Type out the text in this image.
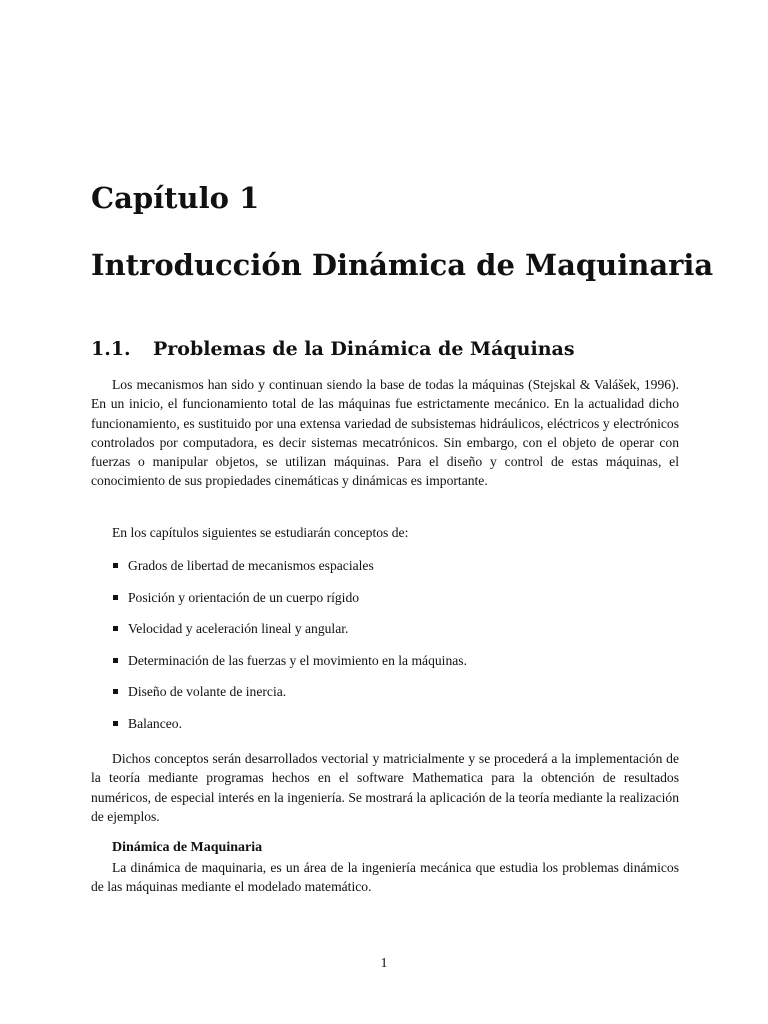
Capítulo 1
Introducción Dinámica de Maquinaria
1.1. Problemas de la Dinámica de Máquinas

Los mecanismos han sido y continuan siendo la base de todas la máquinas (Stejskal & Valášek, 1996). En un inicio, el funcionamiento total de las máquinas fue estrictamente mecánico. En la actualidad dicho funcionamiento, es sustituido por una extensa variedad de subsistemas hidráulicos, eléctricos y electrónicos controlados por computadora, es decir sistemas mecatrónicos. Sin embargo, con el objeto de operar con fuerzas o manipular objetos, se utilizan máquinas. Para el diseño y control de estas máquinas, el conocimiento de sus propiedades cinemáticas y dinámicas es importante.

En los capítulos siguientes se estudiarán conceptos de:

Grados de libertad de mecanismos espaciales
Posición y orientación de un cuerpo rígido
Velocidad y aceleración lineal y angular.
Determinación de las fuerzas y el movimiento en la máquinas.
Diseño de volante de inercia.
Balanceo.

Dichos conceptos serán desarrollados vectorial y matricialmente y se procederá a la implementación de la teoría mediante programas hechos en el software Mathematica para la obtención de resultados numéricos, de especial interés en la ingeniería. Se mostrará la aplicación de la teoría mediante la realización de ejemplos.

Dinámica de Maquinaria

La dinámica de maquinaria, es un área de la ingeniería mecánica que estudia los problemas dinámicos de las máquinas mediante el modelado matemático.

1
